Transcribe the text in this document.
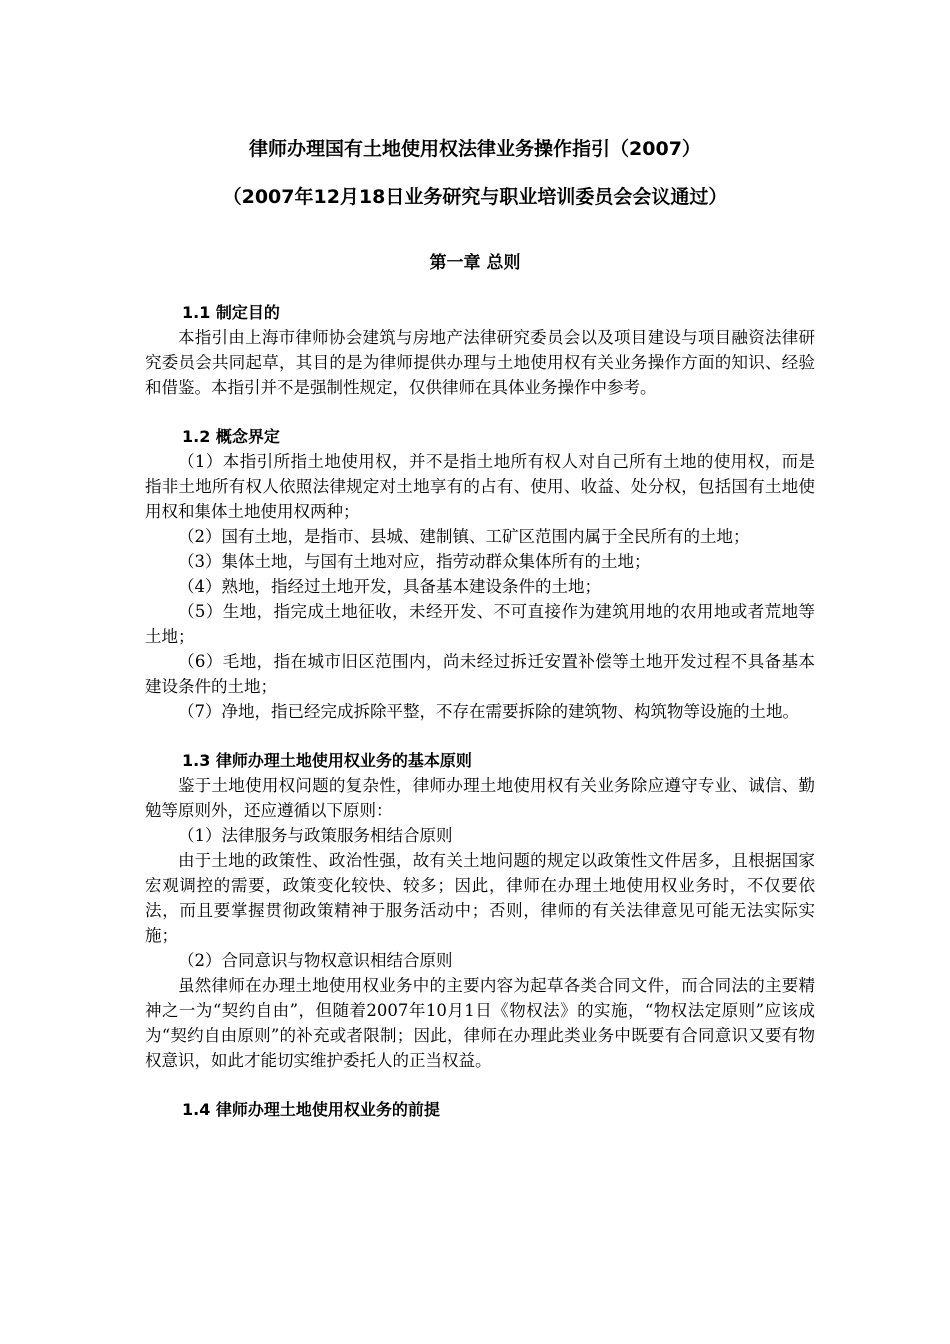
律师办理国有土地使用权法律业务操作指引（2007）
（2007年12月18日业务研究与职业培训委员会会议通过）
第一章 总则

1.1 制定目的

本指引由上海市律师协会建筑与房地产法律研究委员会以及项目建设与项目融资法律研究委员会共同起草，其目的是为律师提供办理与土地使用权有关业务操作方面的知识、经验和借鉴。本指引并不是强制性规定，仅供律师在具体业务操作中参考。

1.2 概念界定

（1）本指引所指土地使用权，并不是指土地所有权人对自己所有土地的使用权，而是指非土地所有权人依照法律规定对土地享有的占有、使用、收益、处分权，包括国有土地使用权和集体土地使用权两种；

（2）国有土地，是指市、县城、建制镇、工矿区范围内属于全民所有的土地；

（3）集体土地，与国有土地对应，指劳动群众集体所有的土地；

（4）熟地，指经过土地开发，具备基本建设条件的土地；

（5）生地，指完成土地征收，未经开发、不可直接作为建筑用地的农用地或者荒地等土地；

（6）毛地，指在城市旧区范围内，尚未经过拆迁安置补偿等土地开发过程不具备基本建设条件的土地；

（7）净地，指已经完成拆除平整，不存在需要拆除的建筑物、构筑物等设施的土地。

1.3 律师办理土地使用权业务的基本原则

鉴于土地使用权问题的复杂性，律师办理土地使用权有关业务除应遵守专业、诚信、勤勉等原则外，还应遵循以下原则：

（1）法律服务与政策服务相结合原则

由于土地的政策性、政治性强，故有关土地问题的规定以政策性文件居多，且根据国家宏观调控的需要，政策变化较快、较多；因此，律师在办理土地使用权业务时，不仅要依法，而且要掌握贯彻政策精神于服务活动中；否则，律师的有关法律意见可能无法实际实施；

（2）合同意识与物权意识相结合原则

虽然律师在办理土地使用权业务中的主要内容为起草各类合同文件，而合同法的主要精神之一为“契约自由”，但随着2007年10月1日《物权法》的实施，“物权法定原则”应该成为“契约自由原则”的补充或者限制；因此，律师在办理此类业务中既要有合同意识又要有物权意识，如此才能切实维护委托人的正当权益。

1.4 律师办理土地使用权业务的前提
